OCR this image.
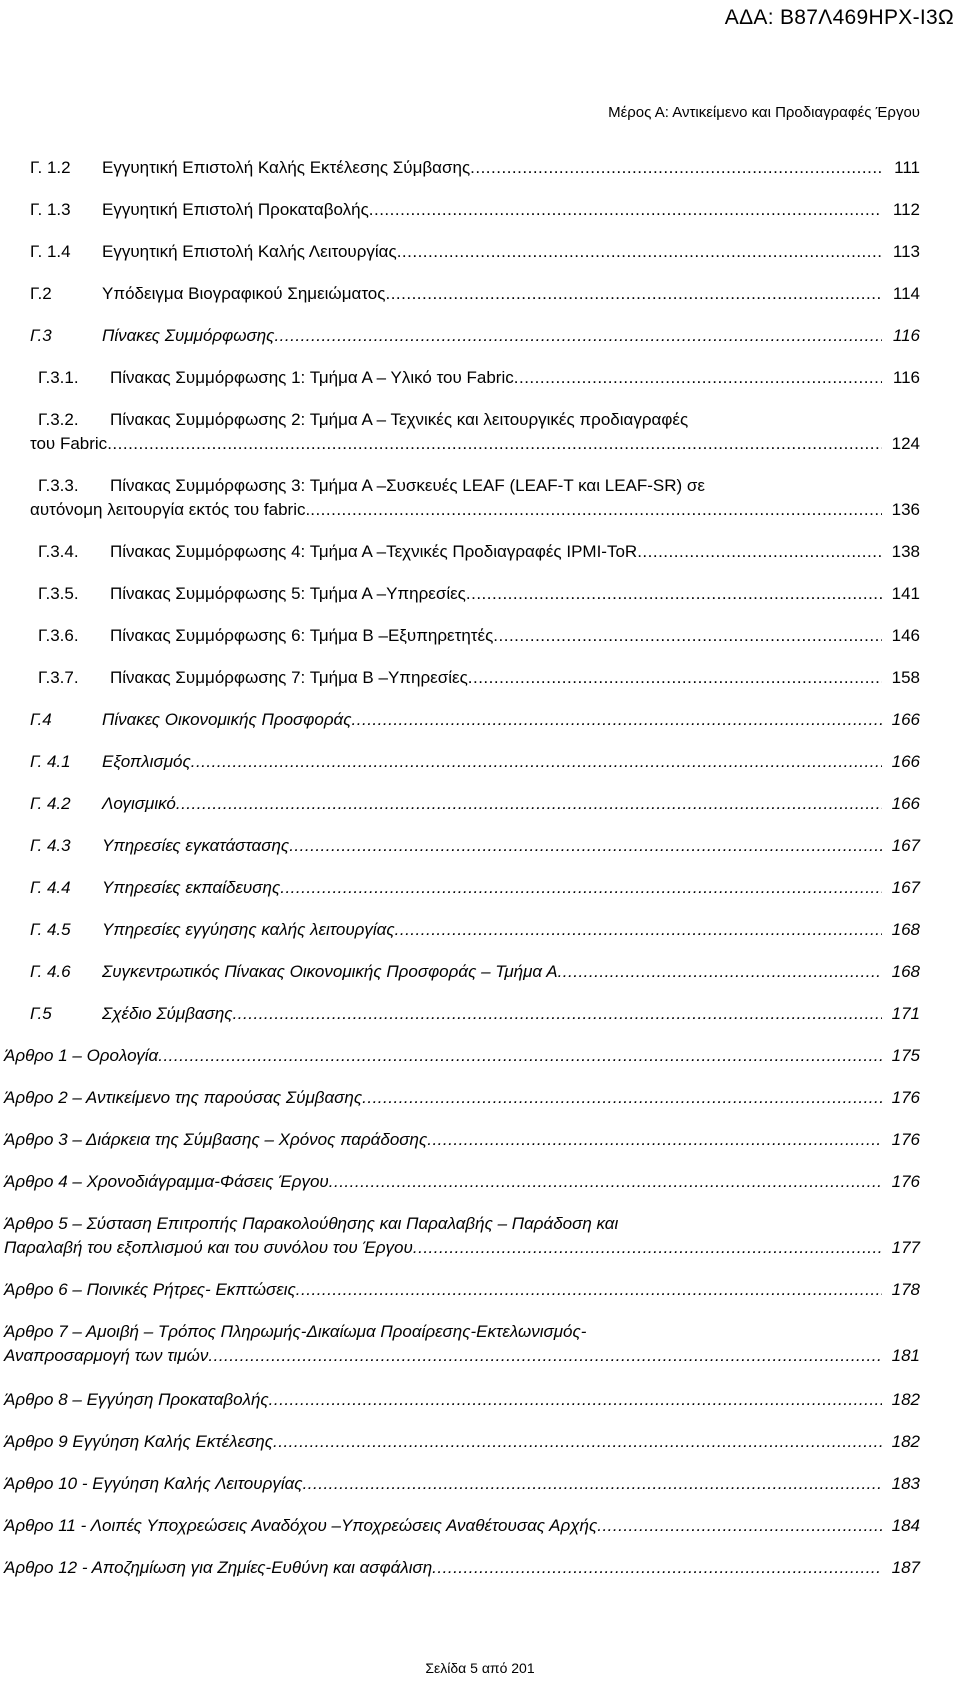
ΑΔΑ: Β87Λ469ΗΡΧ-Ι3Ω
Μέρος Α: Αντικείμενο και Προδιαγραφές Έργου
Γ. 1.2	Εγγυητική Επιστολή Καλής Εκτέλεσης Σύμβασης .....	111
Γ. 1.3	Εγγυητική Επιστολή Προκαταβολής .....	112
Γ. 1.4	Εγγυητική Επιστολή Καλής Λειτουργίας .....	113
Γ.2	Υπόδειγμα Βιογραφικού Σημειώματος .....	114
Γ.3	Πίνακες Συμμόρφωσης .....	116
Γ.3.1.	Πίνακας Συμμόρφωσης 1: Τμήμα Α – Υλικό του Fabric .....	116
Γ.3.2.	Πίνακας Συμμόρφωσης 2: Τμήμα Α – Τεχνικές και λειτουργικές προδιαγραφές
του Fabric .....	124
Γ.3.3.	Πίνακας Συμμόρφωσης 3: Τμήμα Α –Συσκευές LEAF (LEAF-T και LEAF-SR) σε
αυτόνομη λειτουργία εκτός του fabric. .....	136
Γ.3.4.	Πίνακας Συμμόρφωσης 4: Τμήμα Α –Τεχνικές Προδιαγραφές IPMI-ToR .....	138
Γ.3.5.	Πίνακας Συμμόρφωσης 5: Τμήμα Α –Υπηρεσίες .....	141
Γ.3.6.	Πίνακας Συμμόρφωσης 6: Τμήμα Β –Εξυπηρετητές .....	146
Γ.3.7.	Πίνακας Συμμόρφωσης 7: Τμήμα Β –Υπηρεσίες .....	158
Γ.4	Πίνακες Οικονομικής Προσφοράς .....	166
Γ. 4.1	Εξοπλισμός .....	166
Γ. 4.2	Λογισμικό .....	166
Γ. 4.3	Υπηρεσίες εγκατάστασης .....	167
Γ. 4.4	Υπηρεσίες εκπαίδευσης .....	167
Γ. 4.5	Υπηρεσίες εγγύησης καλής λειτουργίας .....	168
Γ. 4.6	Συγκεντρωτικός Πίνακας Οικονομικής Προσφοράς – Τμήμα Α .....	168
Γ.5	Σχέδιο Σύμβασης .....	171
Άρθρο 1 – Ορολογία .....	175
Άρθρο 2 – Αντικείμενο της παρούσας Σύμβασης .....	176
Άρθρο 3 – Διάρκεια της Σύμβασης – Χρόνος παράδοσης .....	176
Άρθρο 4 – Χρονοδιάγραμμα-Φάσεις Έργου .....	176
Άρθρο 5 – Σύσταση Επιτροπής Παρακολούθησης και Παραλαβής – Παράδοση και
Παραλαβή του εξοπλισμού και του συνόλου του Έργου .....	177
Άρθρο 6 – Ποινικές Ρήτρες- Εκπτώσεις .....	178
Άρθρο 7 – Αμοιβή – Τρόπος Πληρωμής-Δικαίωμα Προαίρεσης-Εκτελωνισμός-
Αναπροσαρμογή των τιμών .....	181
Άρθρο 8 – Εγγύηση Προκαταβολής .....	182
Άρθρο 9 Εγγύηση Καλής Εκτέλεσης .....	182
Άρθρο 10 - Εγγύηση Καλής Λειτουργίας .....	183
Άρθρο 11 - Λοιπές Υποχρεώσεις Αναδόχου –Υποχρεώσεις Αναθέτουσας Αρχής .....	184
Άρθρο 12 - Αποζημίωση για Ζημίες-Ευθύνη και ασφάλιση .....	187
Σελίδα 5 από 201
